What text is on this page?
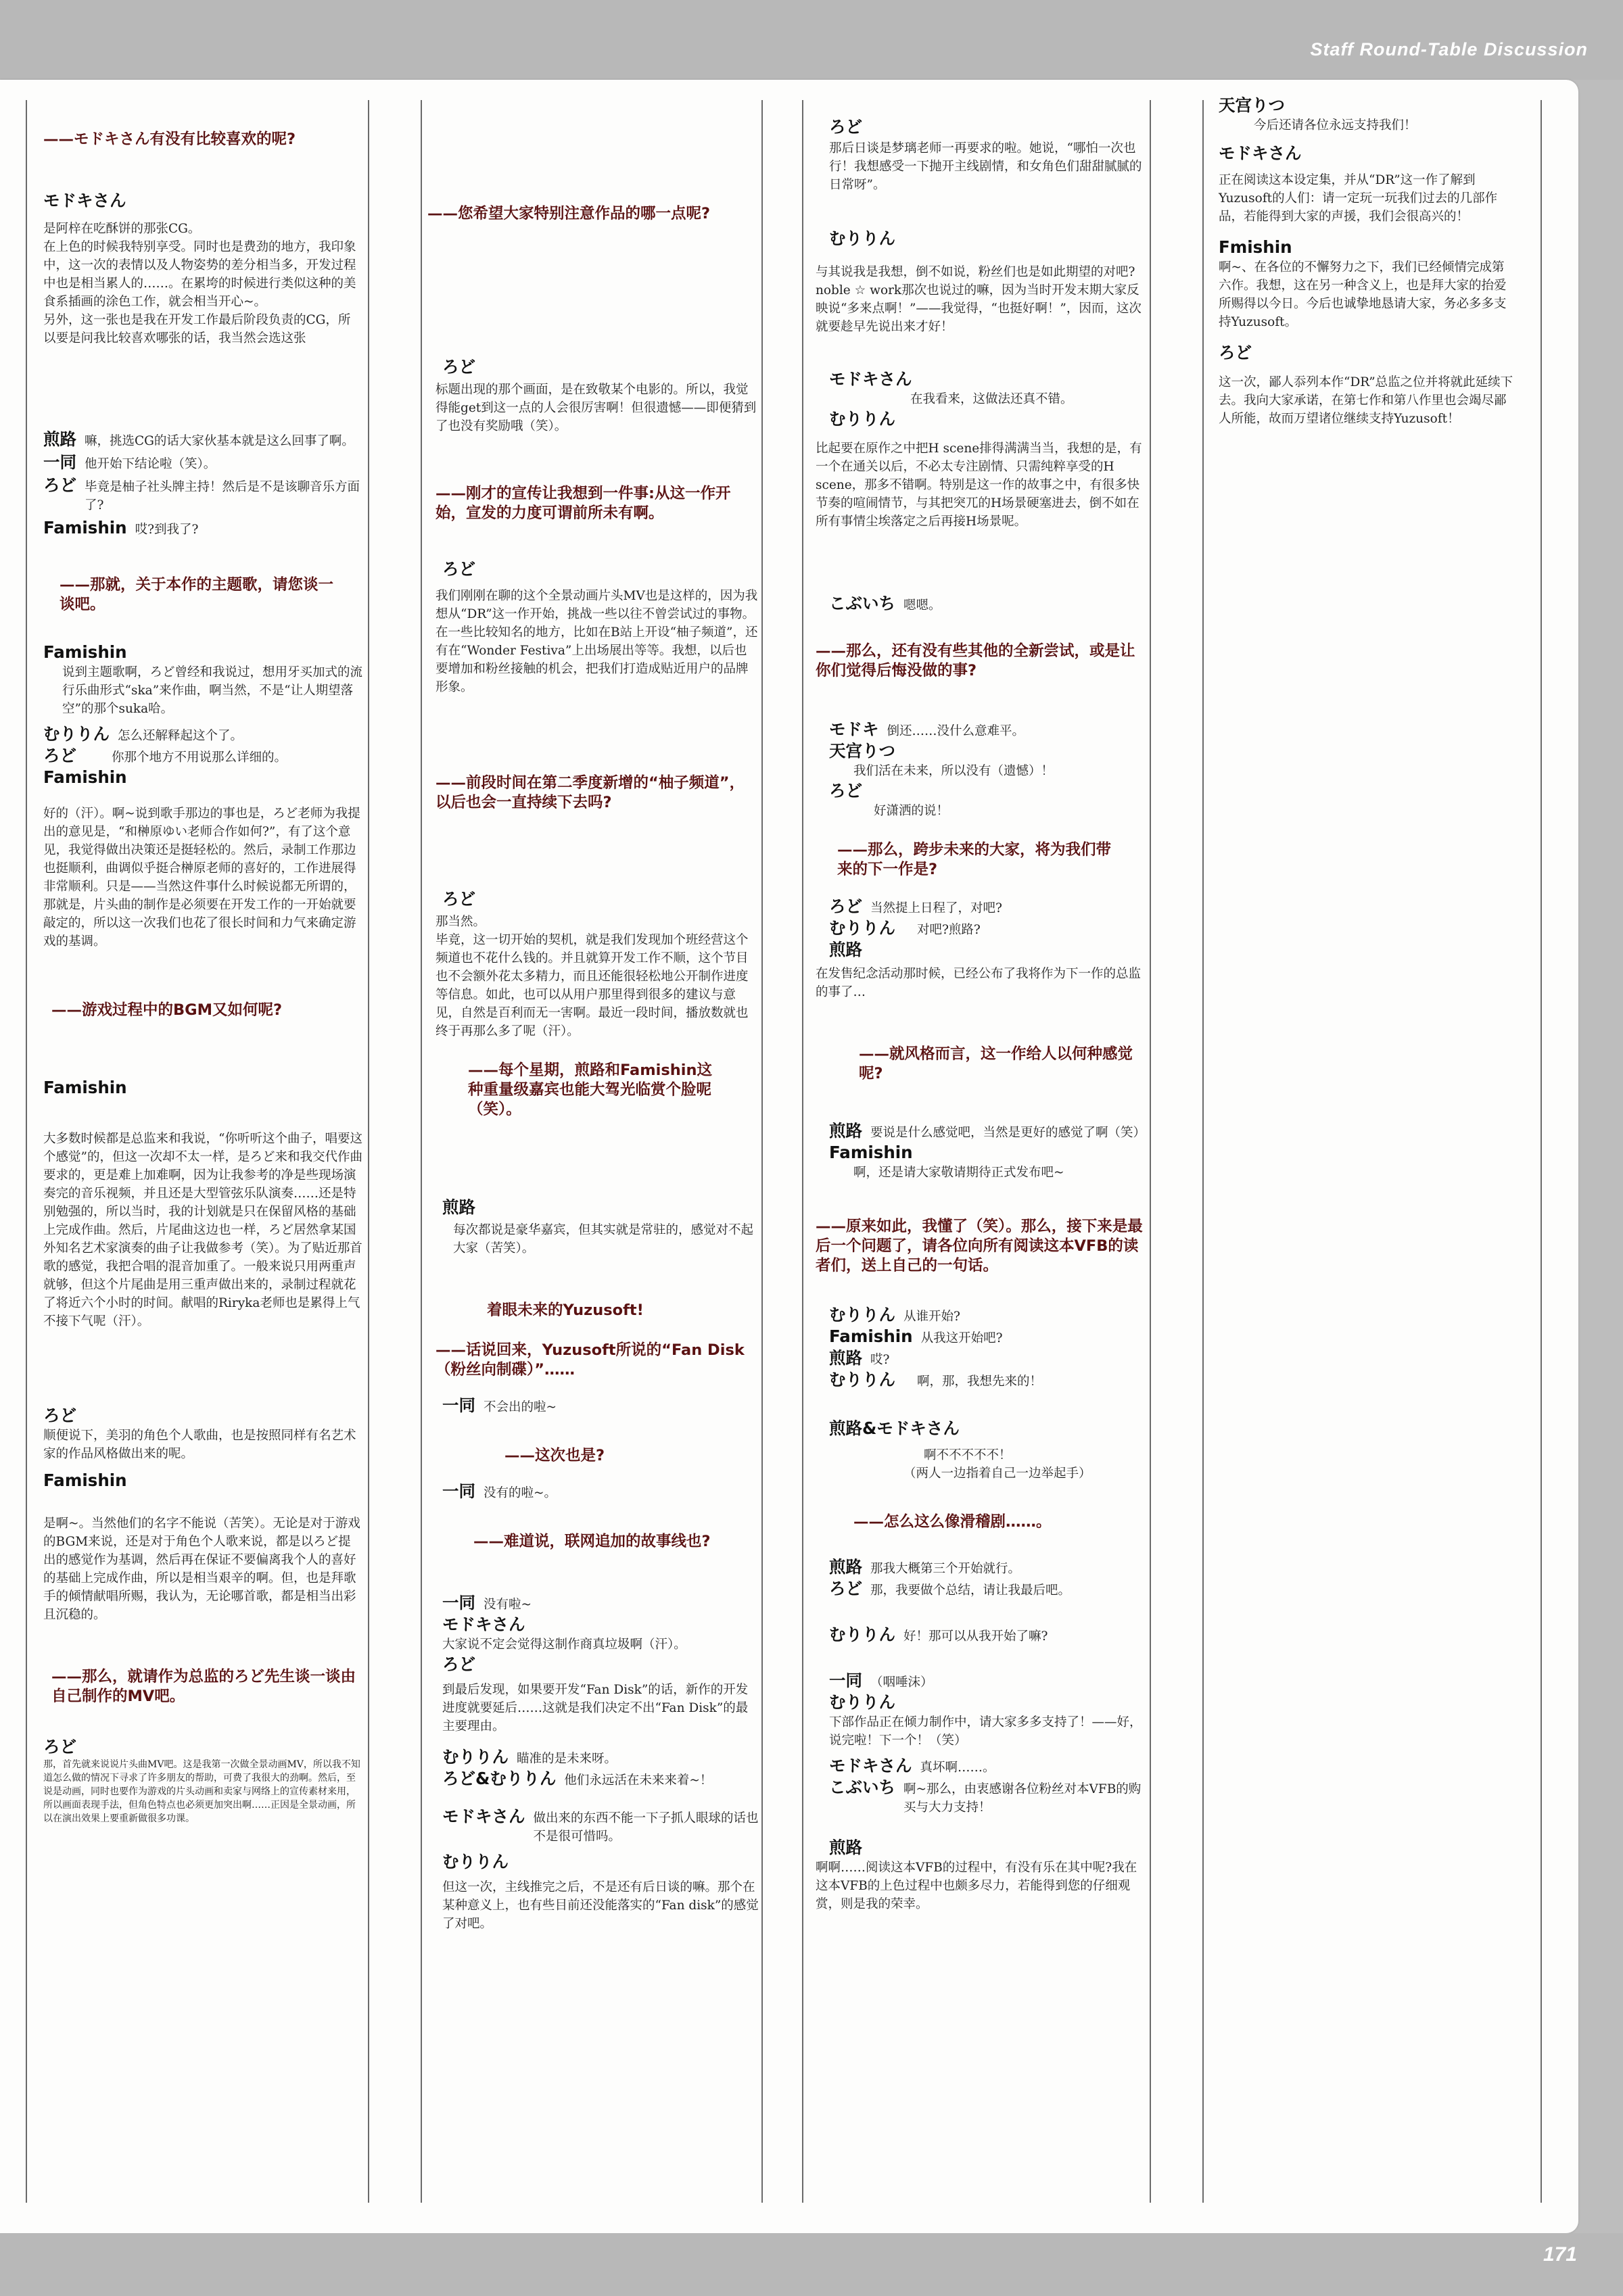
Staff Round-Table Discussion
——モドキさん有没有比较喜欢的呢?
モドキさん
是阿梓在吃酥饼的那张CG。
在上色的时候我特别享受。同时也是费劲的地方，我印象中，这一次的表情以及人物姿势的差分相当多，开发过程中也是相当累人的……。在累垮的时候进行类似这种的美食系插画的涂色工作，就会相当开心~。
另外，这一张也是我在开发工作最后阶段负责的CG，所以要是问我比较喜欢哪张的话，我当然会选这张
煎路 嘛，挑选CG的话大家伙基本就是这么回事了啊。
一同 他开始下结论啦（笑）。
ろど 毕竟是柚子社头牌主持！然后是不是该聊音乐方面了?
Famishin 哎?到我了?
——那就，关于本作的主题歌，请您谈一谈吧。
Famishin
说到主题歌啊，ろど曾经和我说过，想用牙买加式的流行乐曲形式“ska”来作曲，啊当然，不是“让人期望落空”的那个suka哈。
むりりん 怎么还解释起这个了。
ろど	你那个地方不用说那么详细的。
Famishin
好的（汗）。啊~说到歌手那边的事也是，ろど老师为我提出的意见是，“和榊原ゆい老师合作如何?”，有了这个意见，我觉得做出决策还是挺轻松的。然后，录制工作那边也挺顺利，曲调似乎挺合榊原老师的喜好的，工作进展得非常顺利。只是——当然这件事什么时候说都无所谓的，那就是，片头曲的制作是必须要在开发工作的一开始就要敲定的，所以这一次我们也花了很长时间和力气来确定游戏的基调。
——游戏过程中的BGM又如何呢?
Famishin
大多数时候都是总监来和我说，“你听听这个曲子，唱要这个感觉”的，但这一次却不太一样，是ろど来和我交代作曲要求的，更是难上加难啊，因为让我参考的净是些现场演奏完的音乐视频，并且还是大型管弦乐队演奏……还是特别勉强的，所以当时，我的计划就是只在保留风格的基础上完成作曲。然后，片尾曲这边也一样，ろど居然拿某国外知名艺术家演奏的曲子让我做参考（笑）。为了贴近那首歌的感觉，我把合唱的混音加重了。一般来说只用两重声就够，但这个片尾曲是用三重声做出来的，录制过程就花了将近六个小时的时间。献唱的Riryka老师也是累得上气不接下气呢（汗）。
ろど
顺便说下，美羽的角色个人歌曲，也是按照同样有名艺术家的作品风格做出来的呢。
Famishin
是啊~。当然他们的名字不能说（苦笑）。无论是对于游戏的BGM来说，还是对于角色个人歌来说，都是以ろど提出的感觉作为基调，然后再在保证不要偏离我个人的喜好的基础上完成作曲，所以是相当艰辛的啊。但，也是拜歌手的倾情献唱所赐，我认为，无论哪首歌，都是相当出彩且沉稳的。
——那么，就请作为总监的ろど先生谈一谈由自己制作的MV吧。
ろど
那，首先就来说说片头曲MV吧。这是我第一次做全景动画MV，所以我不知道怎么做的情况下寻求了许多朋友的帮助，可费了我很大的劲啊。然后，至说是动画，同时也要作为游戏的片头动画和卖家与网络上的宣传素材来用，所以画面表现手法，但角色特点也必须更加突出啊……正因是全景动画，所以在演出效果上要重新做很多功课。
——您希望大家特别注意作品的哪一点呢?
ろど
标题出现的那个画面，是在致敬某个电影的。所以，我觉得能get到这一点的人会很厉害啊！但很遗憾——即便猜到了也没有奖励哦（笑）。
——刚才的宣传让我想到一件事:从这一作开始，宣发的力度可谓前所未有啊。
ろど
我们刚刚在聊的这个全景动画片头MV也是这样的，因为我想从“DR”这一作开始，挑战一些以往不曾尝试过的事物。在一些比较知名的地方，比如在B站上开设“柚子频道”，还有在“Wonder Festiva”上出场展出等等。我想，以后也要增加和粉丝接触的机会，把我们打造成贴近用户的品牌形象。
——前段时间在第二季度新增的“柚子频道”，以后也会一直持续下去吗?
ろど
那当然。
毕竟，这一切开始的契机，就是我们发现加个班经营这个频道也不花什么钱的。并且就算开发工作不顺，这个节目也不会额外花太多精力，而且还能很轻松地公开制作进度等信息。如此，也可以从用户那里得到很多的建议与意见，自然是百利而无一害啊。最近一段时间，播放数就也终于再那么多了呢（汗）。
——每个星期，煎路和Famishin这种重量级嘉宾也能大驾光临赏个脸呢（笑）。
煎路
每次都说是豪华嘉宾，但其实就是常驻的，感觉对不起大家（苦笑）。
着眼未来的Yuzusoft!
——话说回来，Yuzusoft所说的“Fan Disk（粉丝向制碟）”……
一同 不会出的啦~
——这次也是?
一同 没有的啦~。
——难道说，联网追加的故事线也?
一同 没有啦~
モドキさん
大家说不定会觉得这制作商真垃圾啊（汗）。
ろど
到最后发现，如果要开发“Fan Disk”的话，新作的开发进度就要延后……这就是我们决定不出“Fan Disk”的最主要理由。
むりりん 瞄准的是未来呀。
ろど&むりりん 他们永远活在未来来着~！
モドキさん 做出来的东西不能一下子抓人眼球的话也不是很可惜吗。
むりりん
但这一次，主线推完之后，不是还有后日谈的嘛。那个在某种意义上，也有些目前还没能落实的“Fan disk”的感觉了对吧。
ろど
那后日谈是梦璃老师一再要求的啦。她说，“哪怕一次也行！我想感受一下抛开主线剧情，和女角色们甜甜腻腻的日常呀”。
むりりん
与其说我是我想，倒不如说，粉丝们也是如此期望的对吧? noble ☆ work那次也说过的嘛，因为当时开发末期大家反映说“多来点啊！”——我觉得，“也挺好啊！”，因而，这次就要趁早先说出来才好！
モドキさん
在我看来，这做法还真不错。
むりりん
比起要在原作之中把H scene排得满满当当，我想的是，有一个在通关以后，不必太专注剧情、只需纯粹享受的H scene，那多不错啊。特别是这一作的故事之中，有很多快节奏的喧闹情节，与其把突兀的H场景硬塞进去，倒不如在所有事情尘埃落定之后再接H场景呢。
こぶいち 嗯嗯。
——那么，还有没有些其他的全新尝试，或是让你们觉得后悔没做的事?
モドキ 倒还……没什么意难平。
天宫りつ
我们活在未来，所以没有（遗憾）！
ろど
好潇洒的说！
——那么，跨步未来的大家，将为我们带来的下一作是?
ろど 当然提上日程了，对吧?
むりりん	对吧?煎路?
煎路
在发售纪念活动那时候，已经公布了我将作为下一作的总监的事了…
——就风格而言，这一作给人以何种感觉呢?
煎路 要说是什么感觉吧，当然是更好的感觉了啊（笑）
Famishin
啊，还是请大家敬请期待正式发布吧~
——原来如此，我懂了（笑）。那么，接下来是最后一个问题了，请各位向所有阅读这本VFB的读者们，送上自己的一句话。
むりりん 从谁开始?
Famishin 从我这开始吧?
煎路 哎?
むりりん	啊，那，我想先来的！
煎路&モドキさん
啊不不不不不！
（两人一边指着自己一边举起手）
——怎么这么像滑稽剧……。
煎路 那我大概第三个开始就行。
ろど 那，我要做个总结，请让我最后吧。
むりりん 好！那可以从我开始了嘛?
一同 （咽唾沫）
むりりん
下部作品正在倾力制作中，请大家多多支持了！——好，说完啦！下一个！（笑）
モドキさん 真坏啊……。
こぶいち 啊~那么，由衷感谢各位粉丝对本VFB的购买与大力支持！
煎路
啊啊……阅读这本VFB的过程中，有没有乐在其中呢?我在这本VFB的上色过程中也颇多尽力，若能得到您的仔细观赏，则是我的荣幸。
天宫りつ
今后还请各位永远支持我们！
モドキさん
正在阅读这本设定集，并从“DR”这一作了解到Yuzusoft的人们：请一定玩一玩我们过去的几部作品，若能得到大家的声援，我们会很高兴的！
Fmishin
啊~、在各位的不懈努力之下，我们已经倾情完成第六作。我想，这在另一种含义上，也是拜大家的抬爱所赐得以今日。今后也诚挚地恳请大家，务必多多支持Yuzusoft。
ろど
这一次，鄙人忝列本作“DR”总监之位并将就此延续下去。我向大家承诺，在第七作和第八作里也会竭尽鄙人所能，故而万望诸位继续支持Yuzusoft！
171
